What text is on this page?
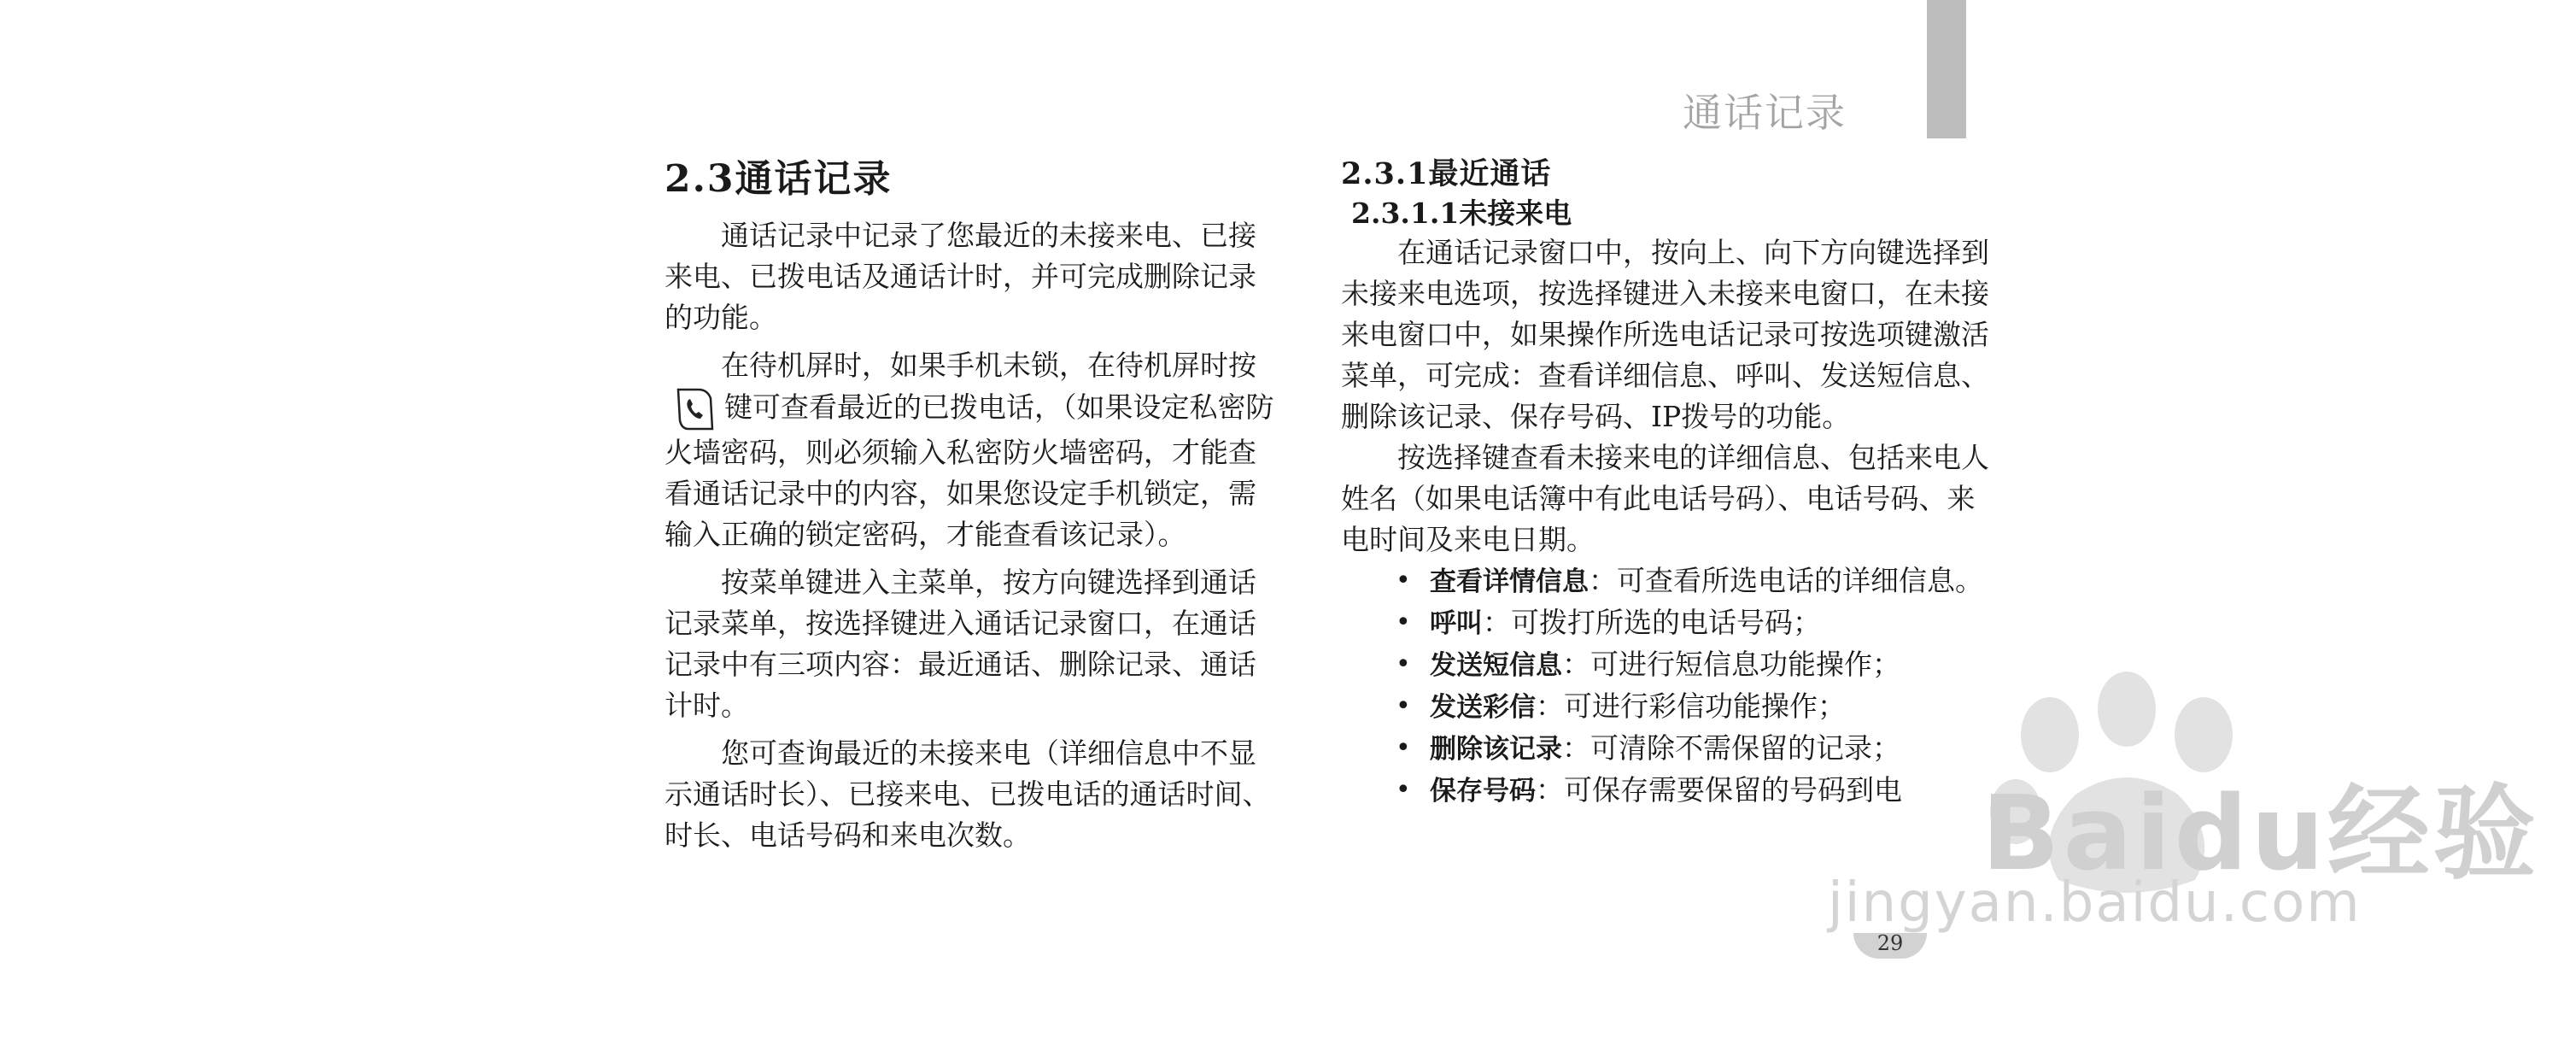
通话记录
2.3通话记录

通话记录中记录了您最近的未接来电、已接来电、已拨电话及通话计时，并可完成删除记录的功能。

在待机屏时，如果手机未锁，在待机屏时按键可查看最近的已拨电话，（如果设定私密防火墙密码，则必须输入私密防火墙密码，才能查看通话记录中的内容，如果您设定手机锁定，需输入正确的锁定密码，才能查看该记录）。

按菜单键进入主菜单，按方向键选择到通话记录菜单，按选择键进入通话记录窗口，在通话记录中有三项内容：最近通话、删除记录、通话计时。

您可查询最近的未接来电（详细信息中不显示通话时长）、已接来电、已拨电话的通话时间、时长、电话号码和来电次数。

2.3.1最近通话
2.3.1.1未接来电

在通话记录窗口中，按向上、向下方向键选择到未接来电选项，按选择键进入未接来电窗口，在未接来电窗口中，如果操作所选电话记录可按选项键激活菜单，可完成：查看详细信息、呼叫、发送短信息、删除该记录、保存号码、IP拨号的功能。

按选择键查看未接来电的详细信息、包括来电人姓名（如果电话簿中有此电话号码）、电话号码、来电时间及来电日期。

• 查看详情信息：可查看所选电话的详细信息。
• 呼叫：可拨打所选的电话号码；
• 发送短信息：可进行短信息功能操作；
• 发送彩信：可进行彩信功能操作；
• 删除该记录：可清除不需保留的记录；
• 保存号码：可保存需要保留的号码到电
29
Baidu经验
jingyan.baidu.com
